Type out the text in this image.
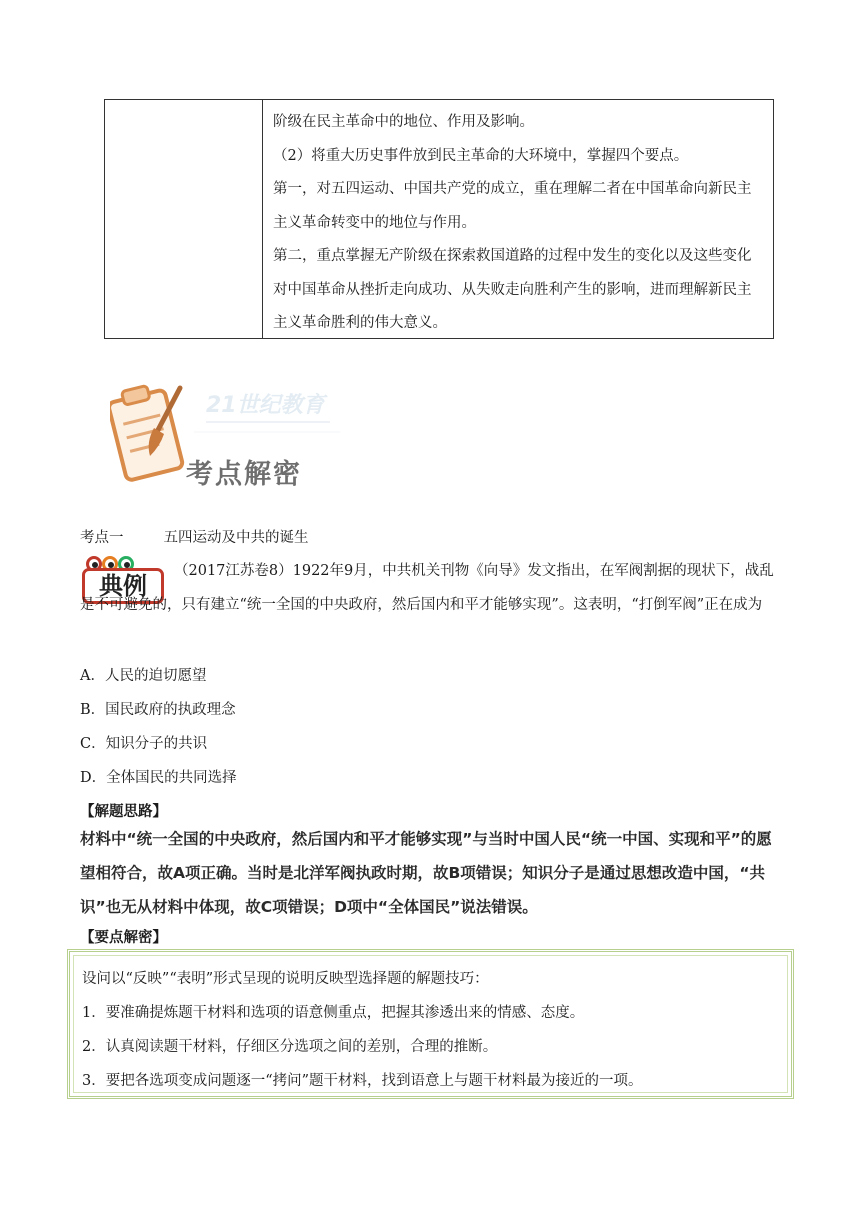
阶级在民主革命中的地位、作用及影响。

（2）将重大历史事件放到民主革命的大环境中，掌握四个要点。

第一，对五四运动、中国共产党的成立，重在理解二者在中国革命向新民主主义革命转变中的地位与作用。

第二，重点掌握无产阶级在探索救国道路的过程中发生的变化以及这些变化对中国革命从挫折走向成功、从失败走向胜利产生的影响，进而理解新民主主义革命胜利的伟大意义。

21世纪教育
考点解密
考点一	五四运动及中共的诞生
典例
（2017江苏卷8）1922年9月，中共机关刊物《向导》发文指出，在军阀割据的现状下，战乱是不可避免的，只有建立“统一全国的中央政府，然后国内和平才能够实现”。这表明，“打倒军阀”正在成为
A．人民的迫切愿望
B．国民政府的执政理念
C．知识分子的共识
D．全体国民的共同选择
【解题思路】
材料中“统一全国的中央政府，然后国内和平才能够实现”与当时中国人民“统一中国、实现和平”的愿望相符合，故A项正确。当时是北洋军阀执政时期，故B项错误；知识分子是通过思想改造中国，“共识”也无从材料中体现，故C项错误；D项中“全体国民”说法错误。
【要点解密】

设问以“反映”“表明”形式呈现的说明反映型选择题的解题技巧：

1．要准确提炼题干材料和选项的语意侧重点，把握其渗透出来的情感、态度。

2．认真阅读题干材料，仔细区分选项之间的差别，合理的推断。

3．要把各选项变成问题逐一“拷问”题干材料，找到语意上与题干材料最为接近的一项。
